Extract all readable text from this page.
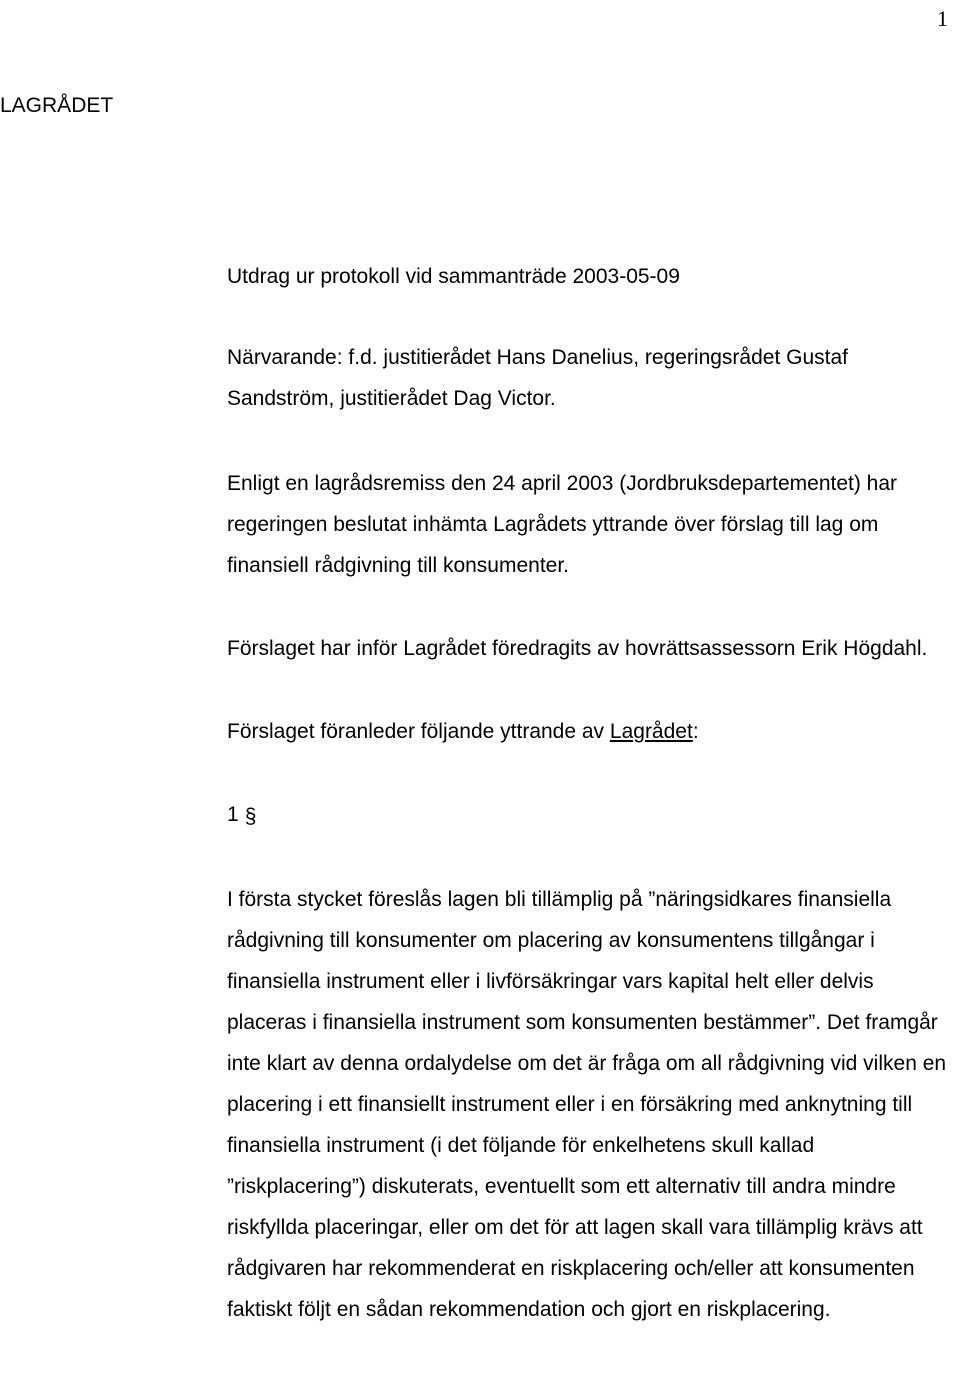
1
LAGRÅDET

Utdrag ur protokoll vid sammanträde 2003-05-09

Närvarande: f.d. justitierådet Hans Danelius, regeringsrådet Gustaf
Sandström, justitierådet Dag Victor.

Enligt en lagrådsremiss den 24 april 2003 (Jordbruksdepartementet) har regeringen beslutat inhämta Lagrådets yttrande över förslag till lag om finansiell rådgivning till konsumenter.

Förslaget har inför Lagrådet föredragits av hovrättsassessorn Erik Högdahl.

Förslaget föranleder följande yttrande av Lagrådet:

1 §

I första stycket föreslås lagen bli tillämplig på ”näringsidkares finansiella rådgivning till konsumenter om placering av konsumentens tillgångar i finansiella instrument eller i livförsäkringar vars kapital helt eller delvis placeras i finansiella instrument som konsumenten bestämmer”. Det framgår inte klart av denna ordalydelse om det är fråga om all rådgivning vid vilken en placering i ett finansiellt instrument eller i en försäkring med anknytning till finansiella instrument (i det följande för enkelhetens skull kallad ”riskplacering”) diskuterats, eventuellt som ett alternativ till andra mindre riskfyllda placeringar, eller om det för att lagen skall vara tillämplig krävs att rådgivaren har rekommenderat en riskplacering och/eller att konsumenten faktiskt följt en sådan rekommendation och gjort en riskplacering.
